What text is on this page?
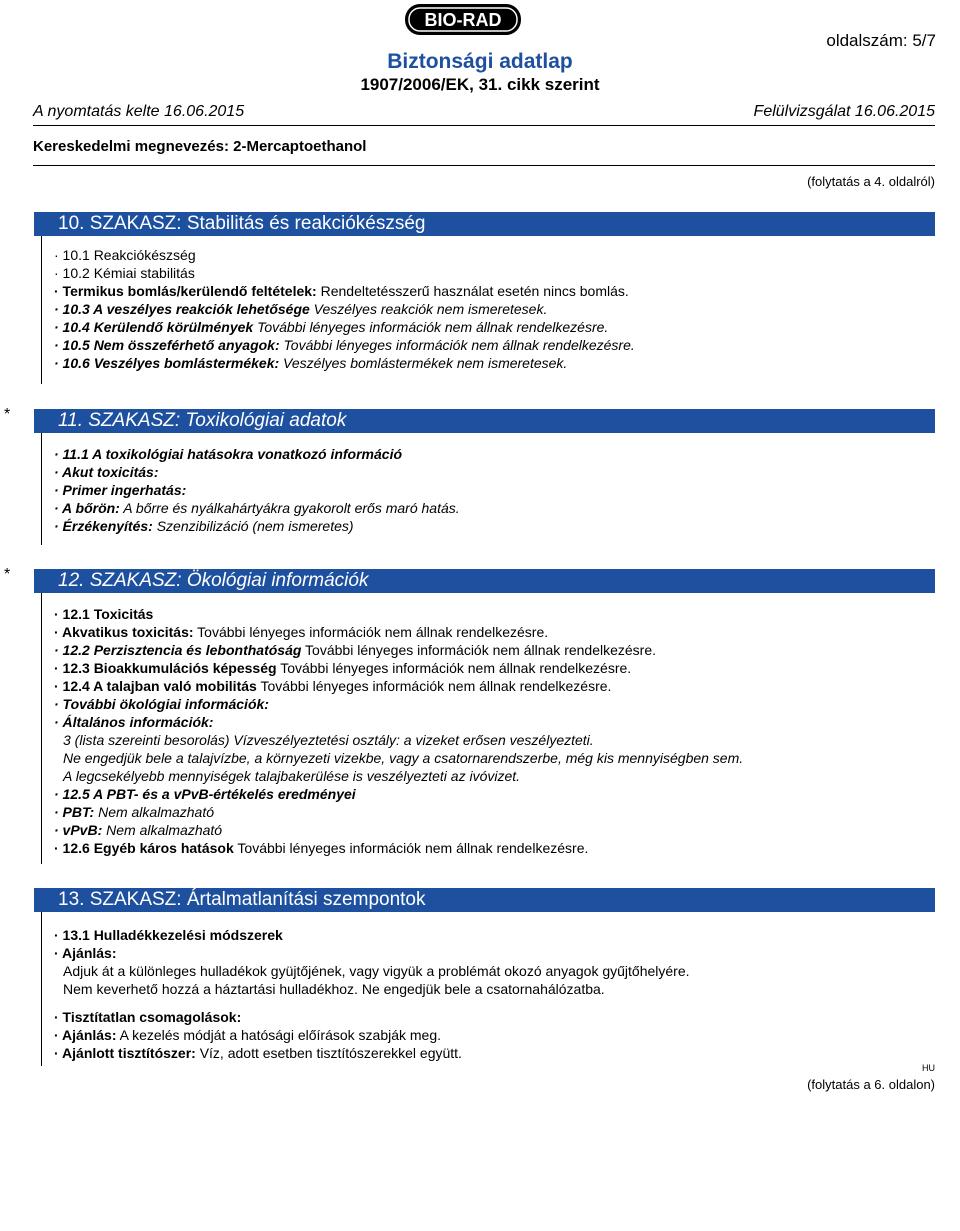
BIO-RAD
oldalszám: 5/7
Biztonsági adatlap
1907/2006/EK, 31. cikk szerint
A nyomtatás kelte 16.06.2015	Felülvizsgálat 16.06.2015
Kereskedelmi megnevezés: 2-Mercaptoethanol
(folytatás a 4. oldalról)
10. SZAKASZ: Stabilitás és reakciókészség
· 10.1 Reakciókészség
· 10.2 Kémiai stabilitás
· Termikus bomlás/kerülendő feltételek: Rendeltetésszerű használat esetén nincs bomlás.
· 10.3 A veszélyes reakciók lehetősége Veszélyes reakciók nem ismeretesek.
· 10.4 Kerülendő körülmények További lényeges információk nem állnak rendelkezésre.
· 10.5 Nem összeférhető anyagok: További lényeges információk nem állnak rendelkezésre.
· 10.6 Veszélyes bomlástermékek: Veszélyes bomlástermékek nem ismeretesek.
*	11. SZAKASZ: Toxikológiai adatok
· 11.1 A toxikológiai hatásokra vonatkozó információ
· Akut toxicitás:
· Primer ingerhatás:
· A bőrön: A bőrre és nyálkahártyákra gyakorolt erős maró hatás.
· Érzékenyítés: Szenzibilizáció (nem ismeretes)
*	12. SZAKASZ: Ökológiai információk
· 12.1 Toxicitás
· Akvatikus toxicitás: További lényeges információk nem állnak rendelkezésre.
· 12.2 Perzisztencia és lebonthatóság További lényeges információk nem állnak rendelkezésre.
· 12.3 Bioakkumulációs képesség További lényeges információk nem állnak rendelkezésre.
· 12.4 A talajban való mobilitás További lényeges információk nem állnak rendelkezésre.
· További ökológiai információk:
· Általános információk:
3 (lista szereinti besorolás) Vízveszélyeztetési osztály: a vizeket erősen veszélyezteti.
Ne engedjük bele a talajvízbe, a környezeti vizekbe, vagy a csatornarendszerbe, még kis mennyiségben sem.
A legcsekélyebb mennyiségek talajbakerülése is veszélyezteti az ivóvizet.
· 12.5 A PBT- és a vPvB-értékelés eredményei
· PBT: Nem alkalmazható
· vPvB: Nem alkalmazható
· 12.6 Egyéb káros hatások További lényeges információk nem állnak rendelkezésre.
13. SZAKASZ: Ártalmatlanítási szempontok
· 13.1 Hulladékkezelési módszerek
· Ajánlás:
Adjuk át a különleges hulladékok gyüjtőjének, vagy vigyük a problémát okozó anyagok gyűjtőhelyére.
Nem keverhető hozzá a háztartási hulladékhoz. Ne engedjük bele a csatornahálózatba.
· Tisztítatlan csomagolások:
· Ajánlás: A kezelés módját a hatósági előírások szabják meg.
· Ajánlott tisztítószer: Víz, adott esetben tisztítószerekkel együtt.
HU
(folytatás a 6. oldalon)
